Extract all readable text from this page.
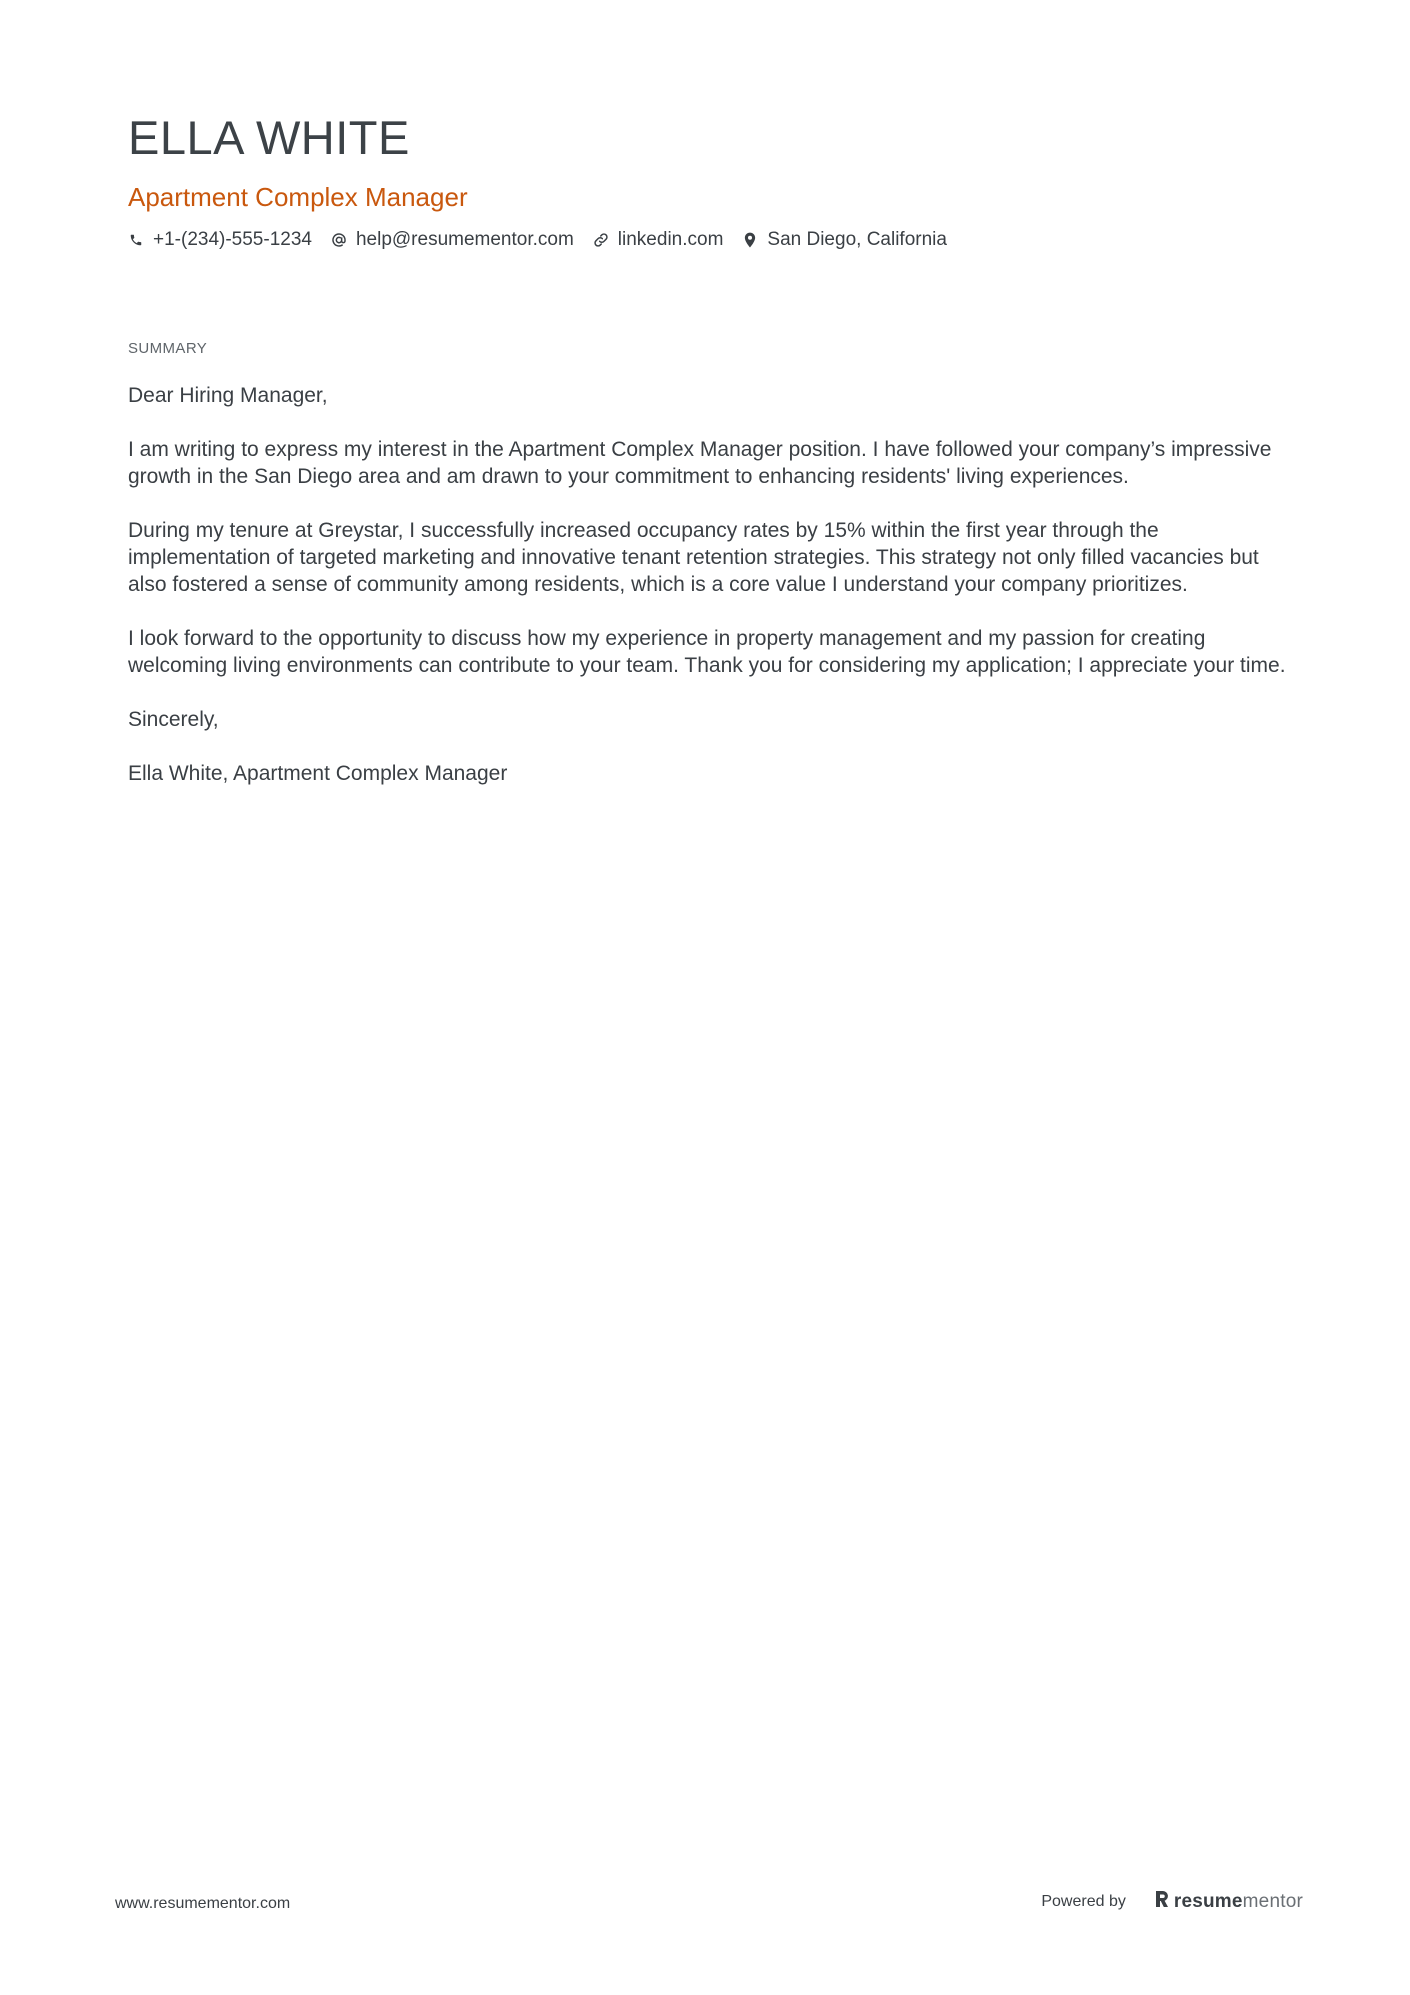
ELLA WHITE
Apartment Complex Manager
+1-(234)-555-1234 help@resumementor.com linkedin.com San Diego, California
SUMMARY

Dear Hiring Manager,

I am writing to express my interest in the Apartment Complex Manager position. I have followed your company’s impressive growth in the San Diego area and am drawn to your commitment to enhancing residents' living experiences.

During my tenure at Greystar, I successfully increased occupancy rates by 15% within the first year through the implementation of targeted marketing and innovative tenant retention strategies. This strategy not only filled vacancies but also fostered a sense of community among residents, which is a core value I understand your company prioritizes.

I look forward to the opportunity to discuss how my experience in property management and my passion for creating welcoming living environments can contribute to your team. Thank you for considering my application; I appreciate your time.

Sincerely,

Ella White, Apartment Complex Manager

www.resumementor.com	Powered by	resume mentor
